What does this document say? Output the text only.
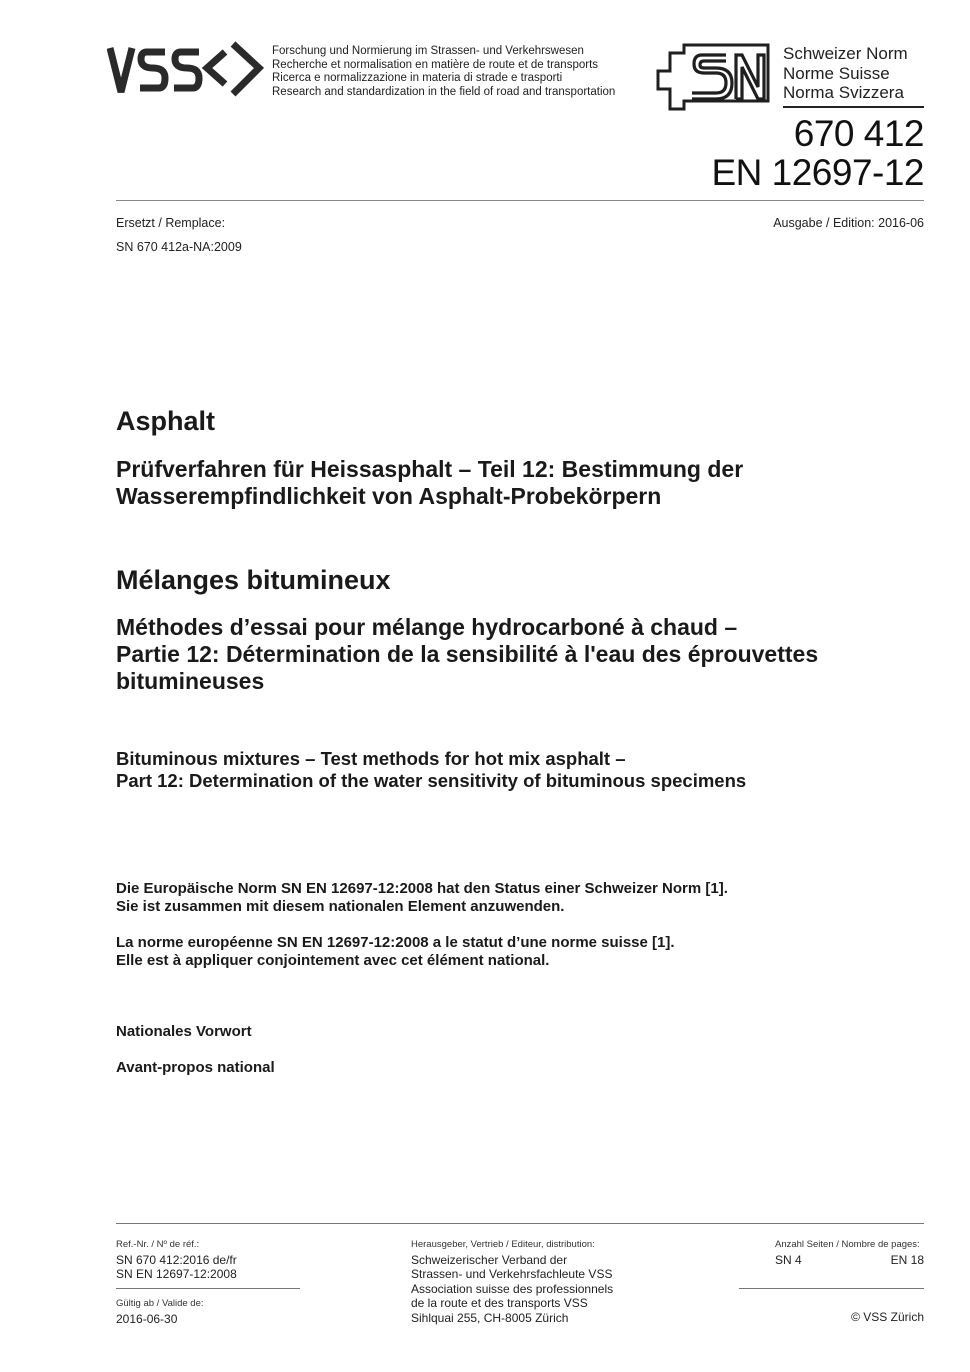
Forschung und Normierung im Strassen- und Verkehrswesen
Recherche et normalisation en matière de route et de transports
Ricerca e normalizzazione in materia di strade e trasporti
Research and standardization in the field of road and transportation
Schweizer Norm
Norme Suisse
Norma Svizzera
670 412
EN 12697-12
Ersetzt / Remplace:
SN 670 412a-NA:2009
Ausgabe / Edition: 2016-06
Asphalt
Prüfverfahren für Heissasphalt – Teil 12: Bestimmung der
Wasserempfindlichkeit von Asphalt-Probekörpern
Mélanges bitumineux
Méthodes d’essai pour mélange hydrocarboné à chaud –
Partie 12: Détermination de la sensibilité à l'eau des éprouvettes
bitumineuses
Bituminous mixtures – Test methods for hot mix asphalt –
Part 12: Determination of the water sensitivity of bituminous specimens
Die Europäische Norm SN EN 12697-12:2008 hat den Status einer Schweizer Norm [1].
Sie ist zusammen mit diesem nationalen Element anzuwenden.
La norme européenne SN EN 12697-12:2008 a le statut d’une norme suisse [1].
Elle est à appliquer conjointement avec cet élément national.
Nationales Vorwort
Avant-propos national
Ref.-Nr. / Nº de réf.:
SN 670 412:2016 de/fr
SN EN 12697-12:2008
Gültig ab / Valide de:
2016-06-30
Herausgeber, Vertrieb / Editeur, distribution:
Schweizerischer Verband der
Strassen- und Verkehrsfachleute VSS
Association suisse des professionnels
de la route et des transports VSS
Sihlquai 255, CH-8005 Zürich
Anzahl Seiten / Nombre de pages:
SN 4	EN 18
© VSS Zürich
